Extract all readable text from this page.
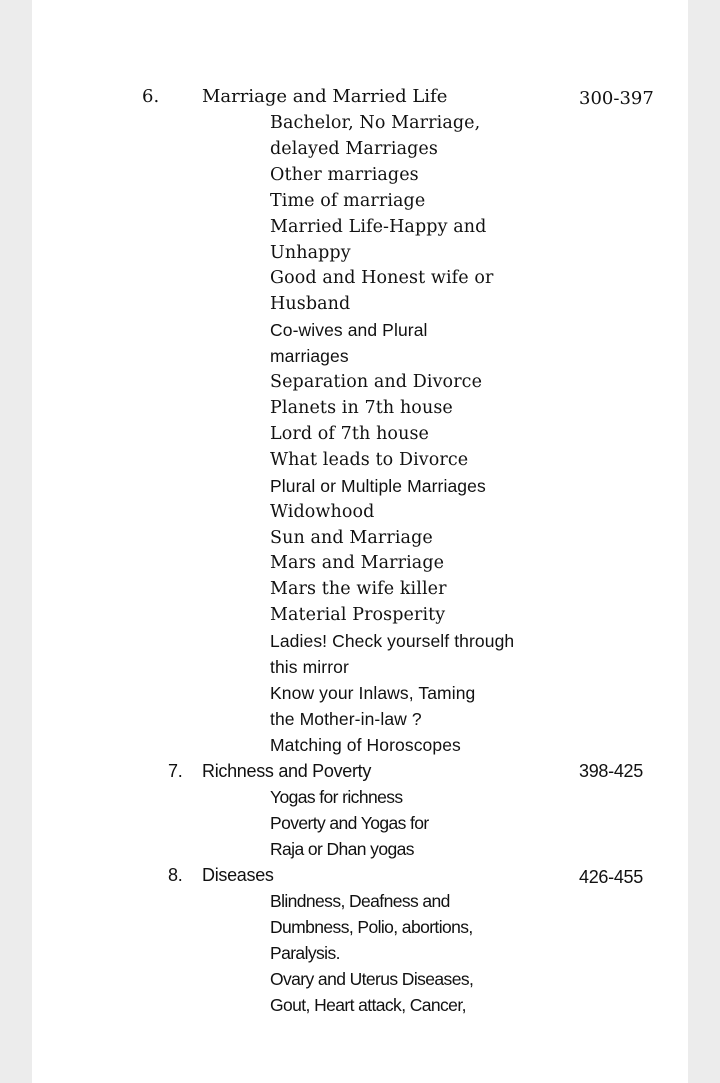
6. Marriage and Married Life	300-397
Bachelor, No Marriage,
delayed Marriages
Other marriages
Time of marriage
Married Life-Happy and
Unhappy
Good and Honest wife or
Husband
Co-wives and Plural
marriages
Separation and Divorce
Planets in 7th house
Lord of 7th house
What leads to Divorce
Plural or Multiple Marriages
Widowhood
Sun and Marriage
Mars and Marriage
Mars the wife killer
Material Prosperity
Ladies! Check yourself through
this mirror
Know your Inlaws, Taming
the Mother-in-law ?
Matching of Horoscopes
7. Richness and Poverty	398-425
Yogas for richness
Poverty and Yogas for
Raja or Dhan yogas
8. Diseases	426-455
Blindness, Deafness and
Dumbness, Polio, abortions,
Paralysis.
Ovary and Uterus Diseases,
Gout, Heart attack, Cancer,
